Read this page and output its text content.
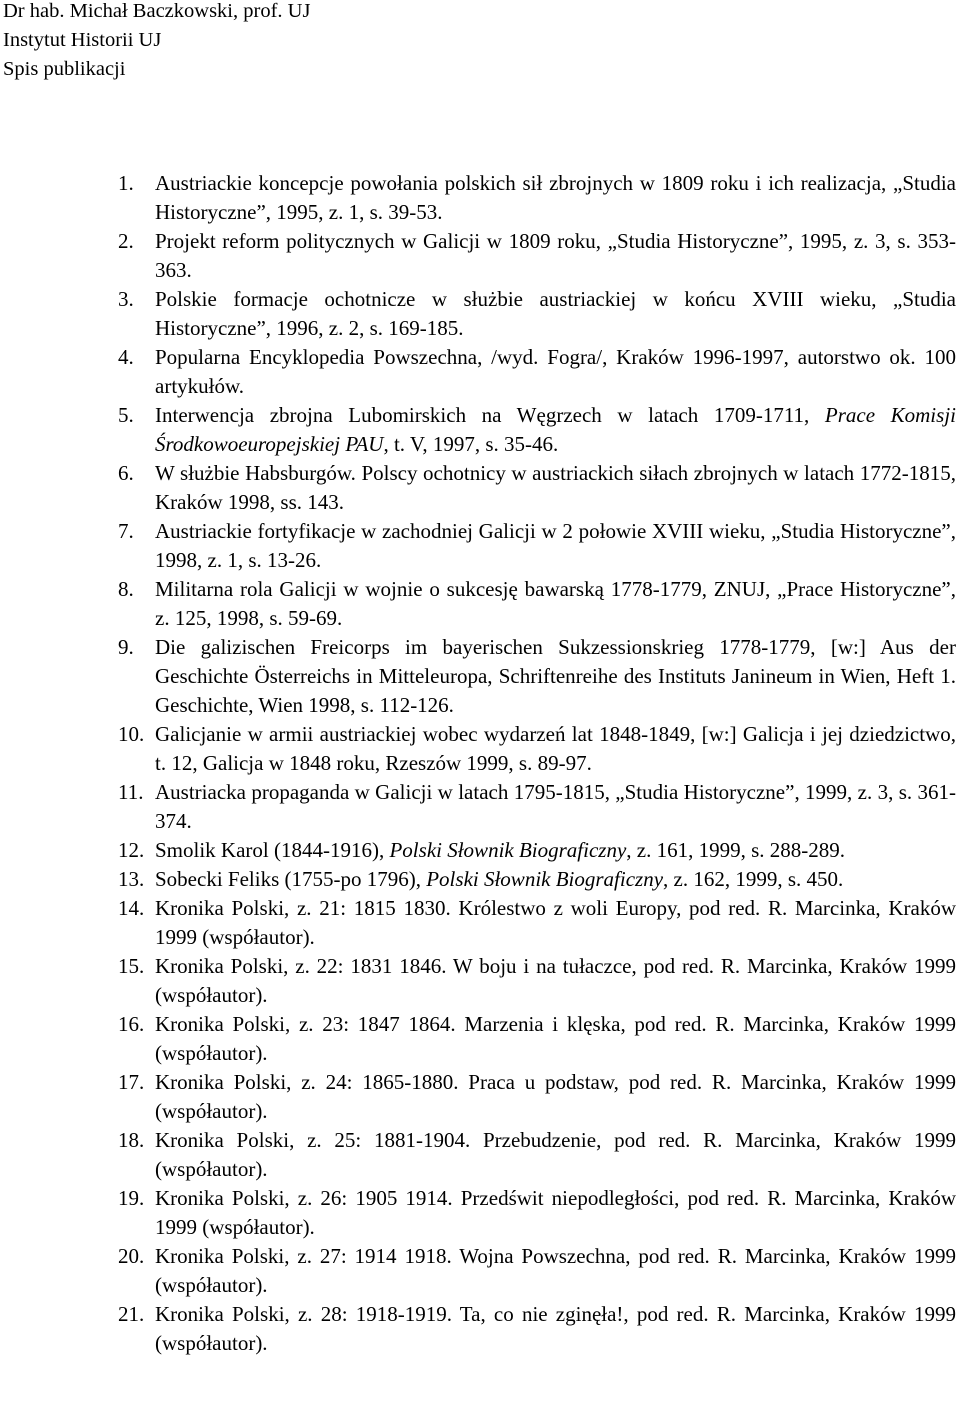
Dr hab. Michał Baczkowski, prof. UJ
Instytut Historii UJ
Spis publikacji
1.	Austriackie koncepcje powołania polskich sił zbrojnych w 1809 roku i ich realizacja, „Studia Historyczne”, 1995, z. 1, s. 39-53.
2.	Projekt reform politycznych w Galicji w 1809 roku, „Studia Historyczne”, 1995, z. 3, s. 353-363.
3.	Polskie formacje ochotnicze w służbie austriackiej w końcu XVIII wieku, „Studia Historyczne”, 1996, z. 2, s. 169-185.
4.	Popularna Encyklopedia Powszechna, /wyd. Fogra/, Kraków 1996-1997, autorstwo ok. 100 artykułów.
5.	Interwencja zbrojna Lubomirskich na Węgrzech w latach 1709-1711, Prace Komisji Środkowoeuropejskiej PAU, t. V, 1997, s. 35-46.
6.	W służbie Habsburgów. Polscy ochotnicy w austriackich siłach zbrojnych w latach 1772-1815, Kraków 1998, ss. 143.
7.	Austriackie fortyfikacje w zachodniej Galicji w 2 połowie XVIII wieku, „Studia Historyczne”, 1998, z. 1, s. 13-26.
8.	Militarna rola Galicji w wojnie o sukcesję bawarską 1778-1779, ZNUJ, „Prace Historyczne”, z. 125, 1998, s. 59-69.
9.	Die galizischen Freicorps im bayerischen Sukzessionskrieg 1778-1779, [w:] Aus der Geschichte Österreichs in Mitteleuropa, Schriftenreihe des Instituts Janineum in Wien, Heft 1. Geschichte, Wien 1998, s. 112-126.
10. Galicjanie w armii austriackiej wobec wydarzeń lat 1848-1849, [w:] Galicja i jej dziedzictwo, t. 12, Galicja w 1848 roku, Rzeszów 1999, s. 89-97.
11. Austriacka propaganda w Galicji w latach 1795-1815, „Studia Historyczne”, 1999, z. 3, s. 361-374.
12. Smolik Karol (1844-1916), Polski Słownik Biograficzny, z. 161, 1999, s. 288-289.
13. Sobecki Feliks (1755-po 1796), Polski Słownik Biograficzny, z. 162, 1999, s. 450.
14. Kronika Polski, z. 21: 1815 1830. Królestwo z woli Europy, pod red. R. Marcinka, Kraków 1999 (współautor).
15. Kronika Polski, z. 22: 1831 1846. W boju i na tułaczce, pod red. R. Marcinka, Kraków 1999 (współautor).
16. Kronika Polski, z. 23: 1847 1864. Marzenia i klęska, pod red. R. Marcinka, Kraków 1999 (współautor).
17. Kronika Polski, z. 24: 1865-1880. Praca u podstaw, pod red. R. Marcinka, Kraków 1999 (współautor).
18. Kronika Polski, z. 25: 1881-1904. Przebudzenie, pod red. R. Marcinka, Kraków 1999 (współautor).
19. Kronika Polski, z. 26: 1905 1914. Przedświt niepodległości, pod red. R. Marcinka, Kraków 1999 (współautor).
20. Kronika Polski, z. 27: 1914 1918. Wojna Powszechna, pod red. R. Marcinka, Kraków 1999 (współautor).
21. Kronika Polski, z. 28: 1918-1919. Ta, co nie zginęła!, pod red. R. Marcinka, Kraków 1999 (współautor).
